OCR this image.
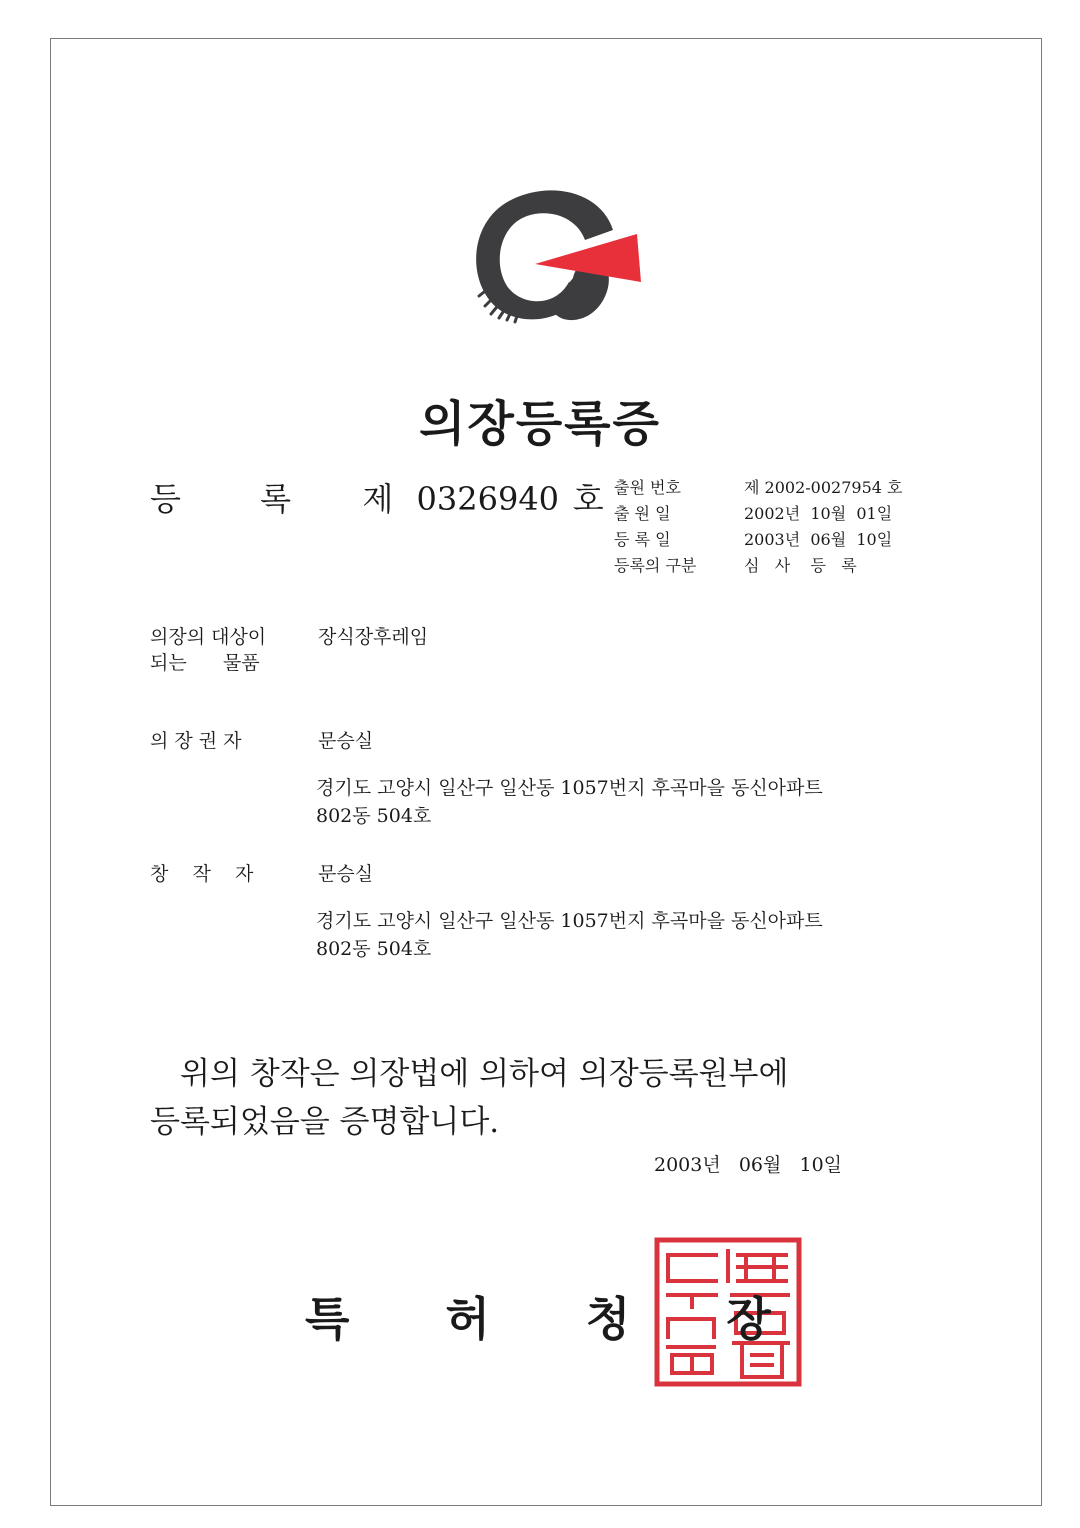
의장등록증
등 록 제 0326940 호 출원 번호	제 2002-0027954 호
출 원 일	2002년  10월  01일
등 록 일	2003년  06월  10일
등록의 구분	심   사    등   록
의장의 대상이	장식장후레임
되는      물품
의 장 권 자	문승실
경기도 고양시 일산구 일산동 1057번지 후곡마을 동신아파트
802동 504호
창    작    자	문승실
경기도 고양시 일산구 일산동 1057번지 후곡마을 동신아파트
802동 504호
위의 창작은 의장법에 의하여 의장등록원부에
등록되었음을 증명합니다.
2003년   06월   10일
특 허 청 장
